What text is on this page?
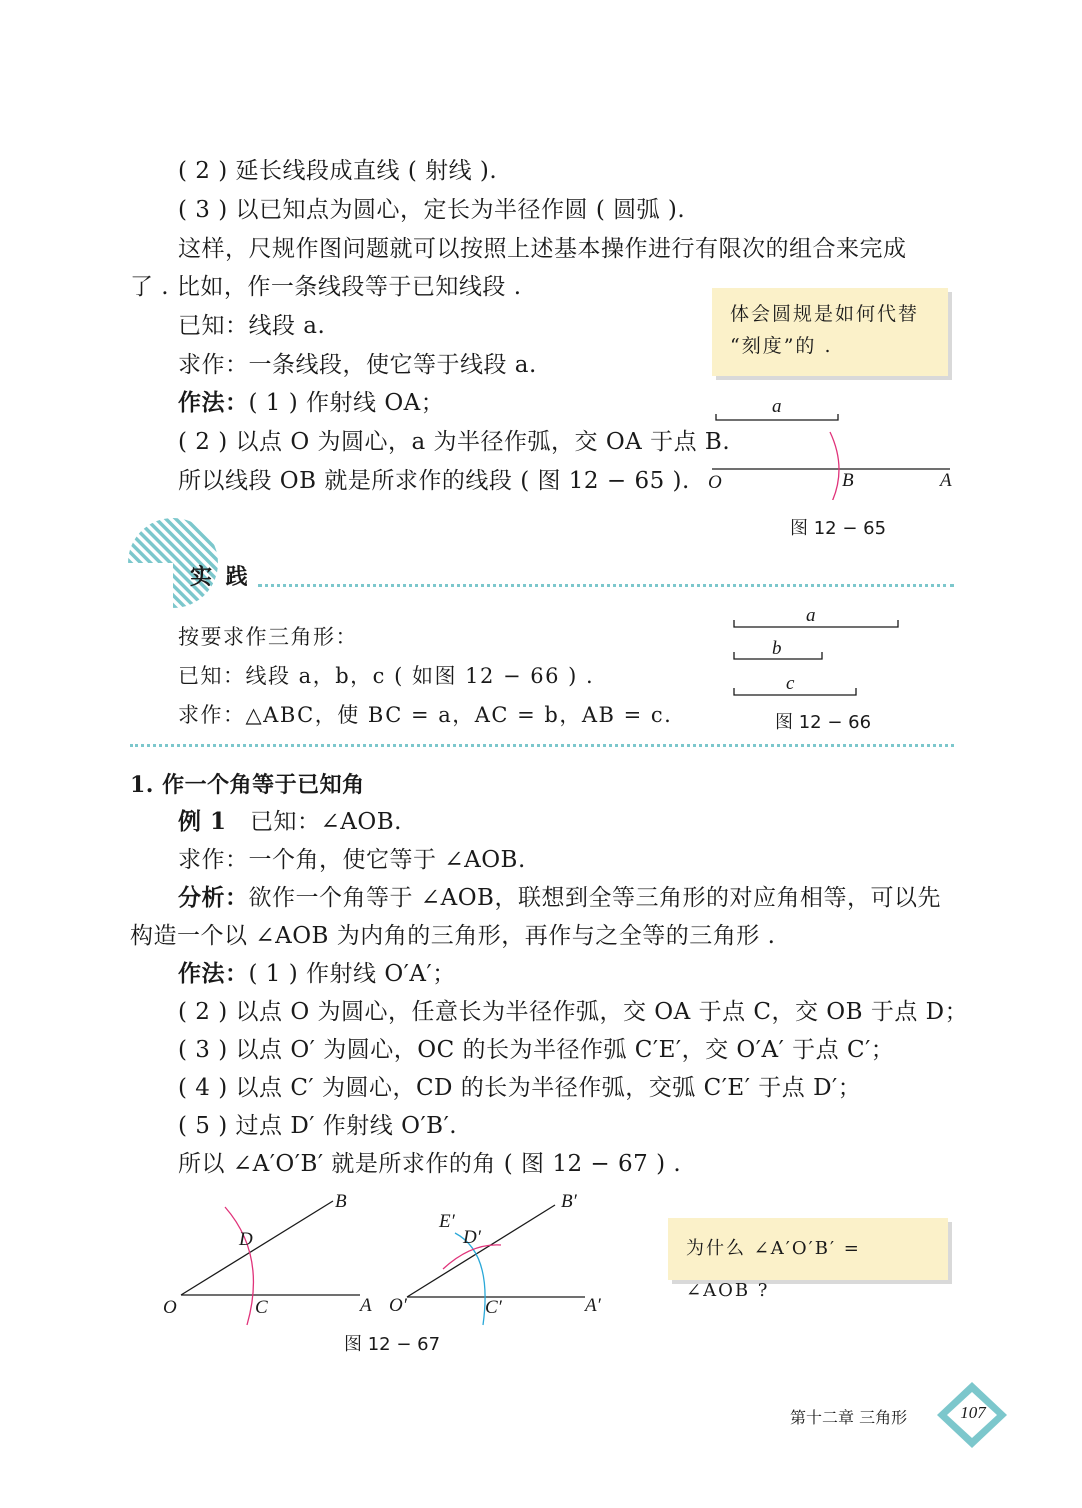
( 2 ) 延长线段成直线 ( 射线 ).
( 3 ) 以已知点为圆心，定长为半径作圆 ( 圆弧 ).
这样，尺规作图问题就可以按照上述基本操作进行有限次的组合来完成
了 . 比如，作一条线段等于已知线段 .
已知：线段 a.
求作：一条线段，使它等于线段 a.
作法：( 1 ) 作射线 OA；
( 2 ) 以点 O 为圆心，a 为半径作弧，交 OA 于点 B.
所以线段 OB 就是所求作的线段 ( 图 12 − 65 ).
体会圆规是如何代替
“刻度”的 .
a
O	B	A
图 12 − 65
实 践
按要求作三角形：
已知：线段 a，b，c ( 如图 12 − 66 ) .
求作：△ABC，使 BC = a，AC = b，AB = c.
a
b
c
图 12 − 66
1. 作一个角等于已知角
例 1 已知：∠AOB.
求作：一个角，使它等于 ∠AOB.
分析：欲作一个角等于 ∠AOB，联想到全等三角形的对应角相等，可以先
构造一个以 ∠AOB 为内角的三角形，再作与之全等的三角形 .
作法：( 1 ) 作射线 O′A′；
( 2 ) 以点 O 为圆心，任意长为半径作弧，交 OA 于点 C，交 OB 于点 D；
( 3 ) 以点 O′ 为圆心，OC 的长为半径作弧 C′E′，交 O′A′ 于点 C′；
( 4 ) 以点 C′ 为圆心，CD 的长为半径作弧，交弧 C′E′ 于点 D′；
( 5 ) 过点 D′ 作射线 O′B′.
所以 ∠A′O′B′ 就是所求作的角 ( 图 12 − 67 ) .
O	A
B
C
D
O′	A′
B′
C′
D′
E′
图 12 − 67
为什么 ∠A′O′B′ = ∠AOB ?
第十二章 三角形	107
